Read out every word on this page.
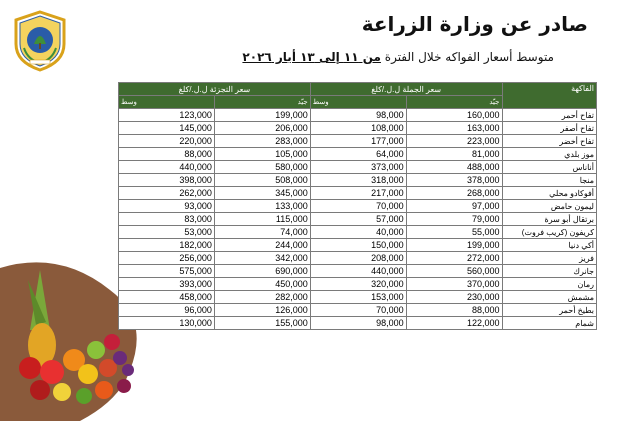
صادر عن وزارة الزراعة
متوسط أسعار الفواكه خلال الفترة من ١١ إلى ١٣ أيار ٢٠٢٦
سعر التجزئة ل.ل./كلغ		سعر الجملة ل.ل./كلغ		الفاكهة
وسط	جيّد	وسط	جيّد	
123,000	199,000	98,000	160,000	تفاح أحمر
145,000	206,000	108,000	163,000	تفاح أصفر
220,000	283,000	177,000	223,000	تفاح أخضر
88,000	105,000	64,000	81,000	موز بلدي
440,000	580,000	373,000	488,000	أناناس
398,000	508,000	318,000	378,000	منجا
262,000	345,000	217,000	268,000	أفوكادو محلي
93,000	133,000	70,000	97,000	ليمون حامض
83,000	115,000	57,000	79,000	برتقال أبو سرة
53,000	74,000	40,000	55,000	كريفون (كريب فروت)
182,000	244,000	150,000	199,000	أكي دنيا
256,000	342,000	208,000	272,000	فريز
575,000	690,000	440,000	560,000	جانرك
393,000	450,000	320,000	370,000	رمان
458,000	282,000	153,000	230,000	مشمش
96,000	126,000	70,000	88,000	بطيخ أحمر
130,000	155,000	98,000	122,000	شمام
